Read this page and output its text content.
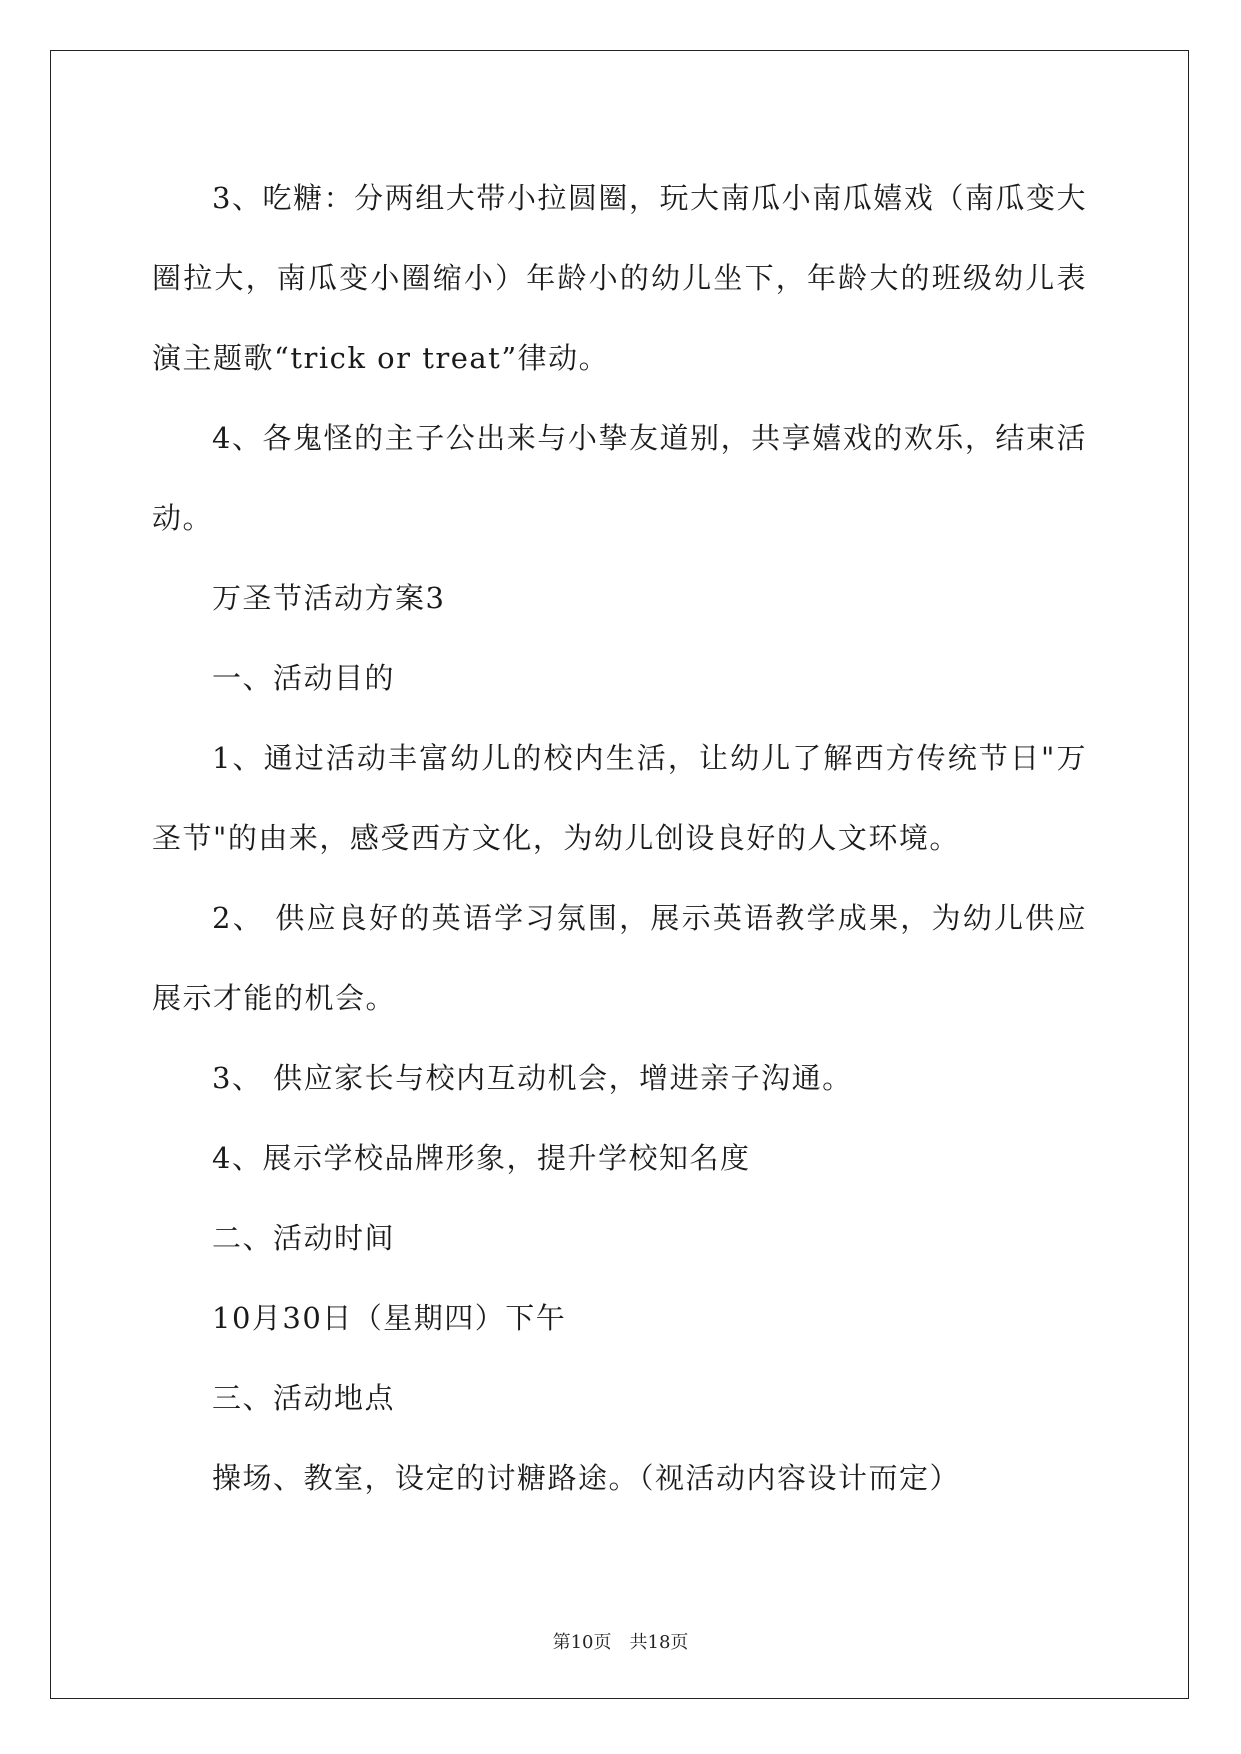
3、吃糖：分两组大带小拉圆圈，玩大南瓜小南瓜嬉戏（南瓜变大圈拉大，南瓜变小圈缩小）年龄小的幼儿坐下，年龄大的班级幼儿表演主题歌“trick or treat”律动。

4、各鬼怪的主子公出来与小挚友道别，共享嬉戏的欢乐，结束活动。

万圣节活动方案3

一、活动目的

1、通过活动丰富幼儿的校内生活，让幼儿了解西方传统节日"万圣节"的由来，感受西方文化，为幼儿创设良好的人文环境。

2、 供应良好的英语学习氛围，展示英语教学成果，为幼儿供应展示才能的机会。

3、 供应家长与校内互动机会，增进亲子沟通。

4、展示学校品牌形象，提升学校知名度

二、活动时间

10月30日（星期四）下午

三、活动地点

操场、教室，设定的讨糖路途。（视活动内容设计而定）

第10页　共18页
